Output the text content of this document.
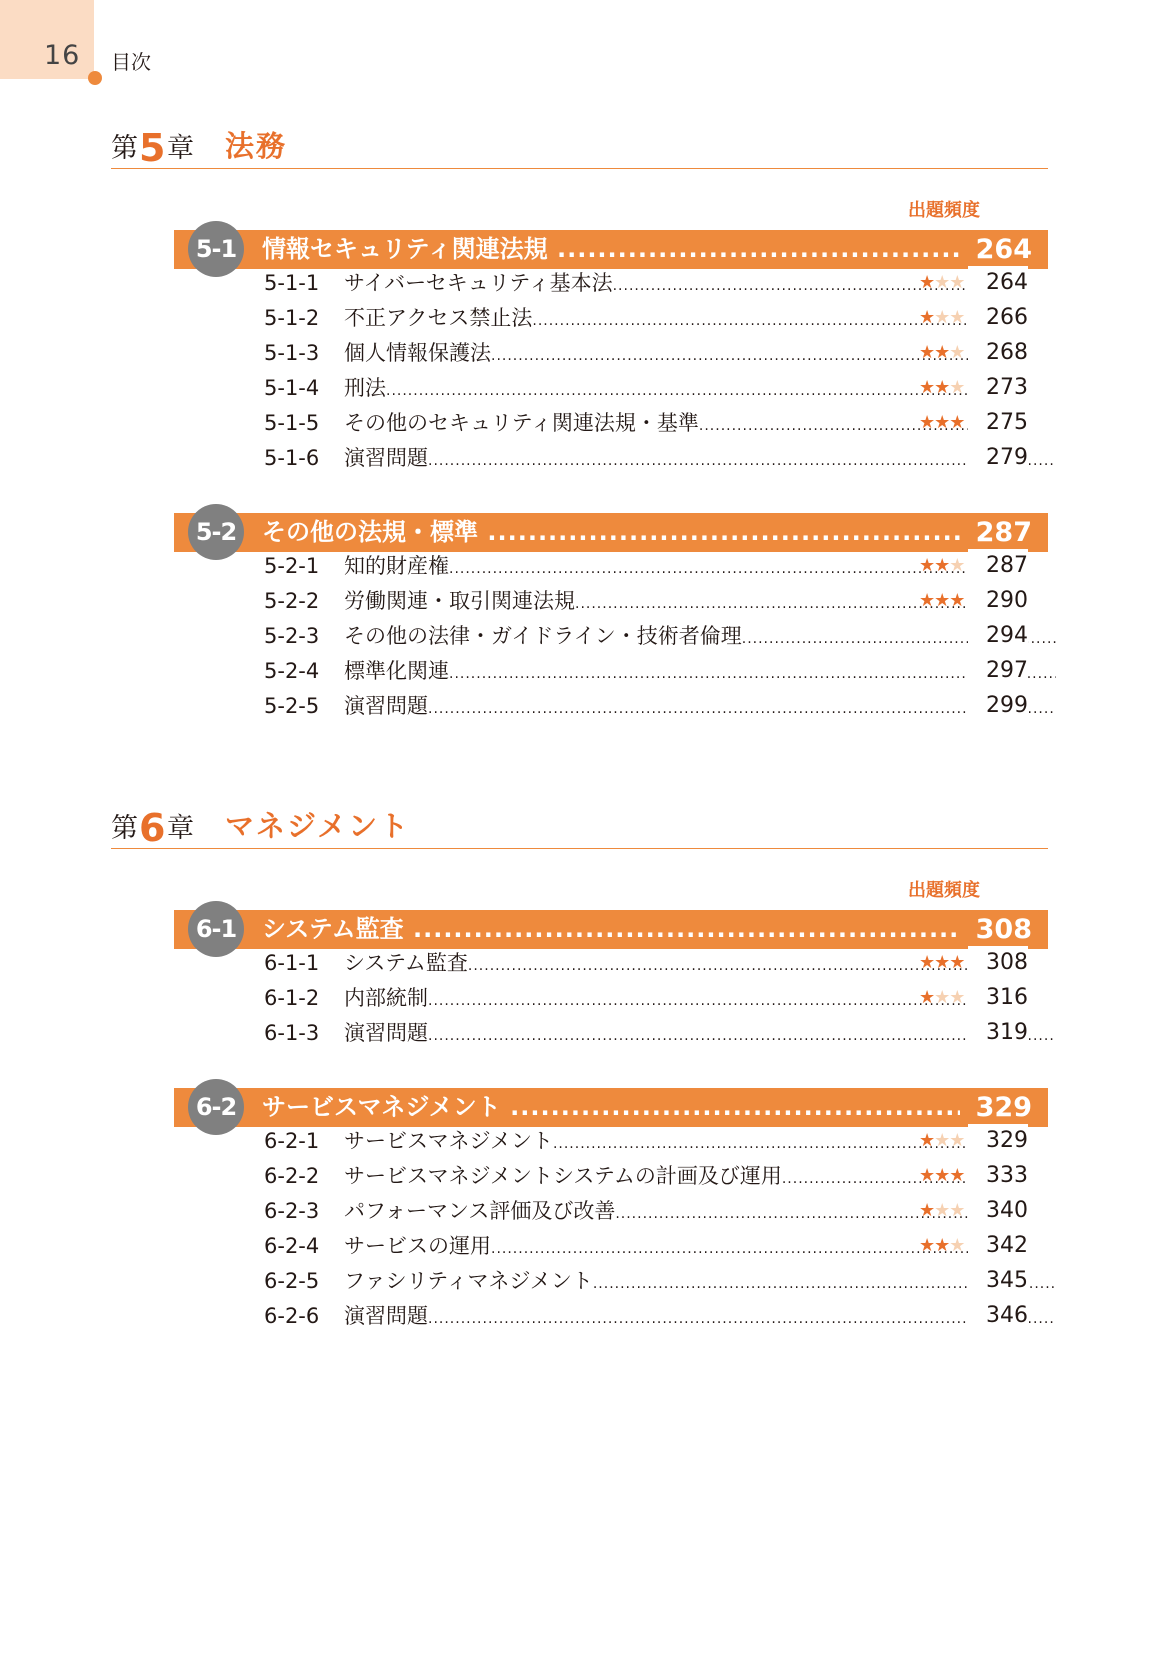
16 目次
第 5 章 法務
出題頻度
5-1	情報セキュリティ関連法規 .....	264
5-1-1	サイバーセキュリティ基本法 .....	★★★ 264
5-1-2	不正アクセス禁止法 .....	★★★ 266
5-1-3	個人情報保護法 .....	★★★ 268
5-1-4	刑法 .....	★★★ 273
5-1-5	その他のセキュリティ関連法規・基準 .....	★★★ 275
5-1-6	演習問題 .....	279
5-2	その他の法規・標準 .....	287
5-2-1	知的財産権 .....	★★★ 287
5-2-2	労働関連・取引関連法規 .....	★★★ 290
5-2-3	その他の法律・ガイドライン・技術者倫理 .....	294
5-2-4	標準化関連 .....	297
5-2-5	演習問題 .....	299
第 6 章 マネジメント
出題頻度
6-1	システム監査 .....	308
6-1-1	システム監査 .....	★★★ 308
6-1-2	内部統制 .....	★★★ 316
6-1-3	演習問題 .....	319
6-2	サービスマネジメント .....	329
6-2-1	サービスマネジメント .....	★★★ 329
6-2-2	サービスマネジメントシステムの計画及び運用 .....	★★★ 333
6-2-3	パフォーマンス評価及び改善 .....	★★★ 340
6-2-4	サービスの運用 .....	★★★ 342
6-2-5	ファシリティマネジメント .....	345
6-2-6	演習問題 .....	346
